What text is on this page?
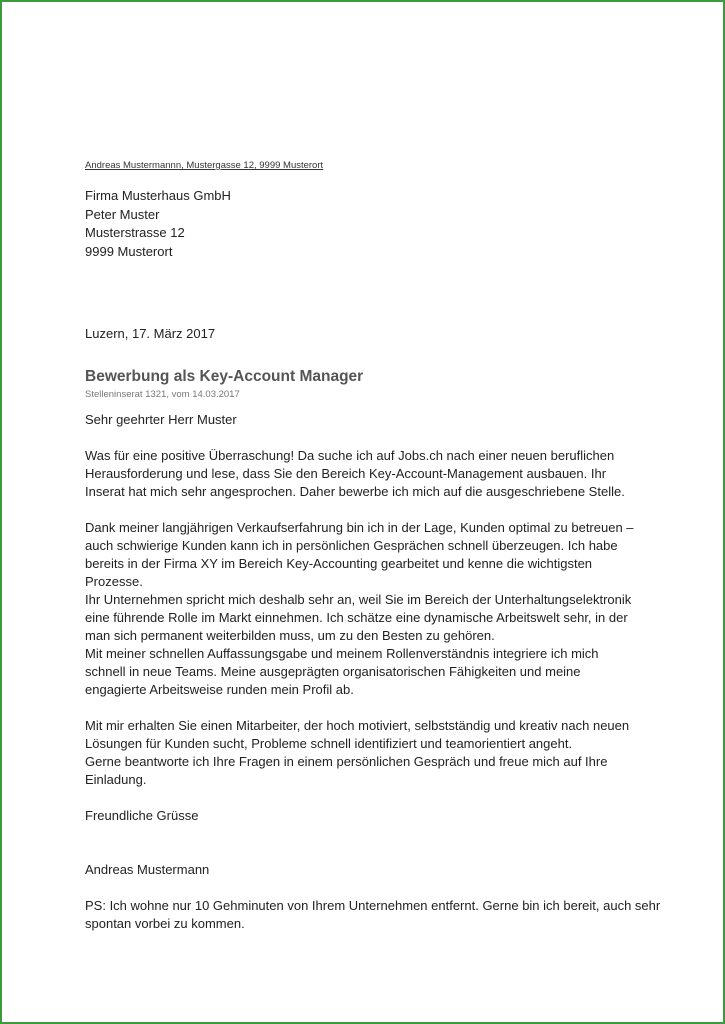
Andreas Mustermannn, Mustergasse 12, 9999 Musterort
Firma Musterhaus GmbH
Peter Muster
Musterstrasse 12
9999 Musterort
Luzern, 17. März 2017
Bewerbung als Key-Account Manager
Stelleninserat 1321, vom 14.03.2017

Sehr geehrter Herr Muster

Was für eine positive Überraschung! Da suche ich auf Jobs.ch nach einer neuen beruflichen
Herausforderung und lese, dass Sie den Bereich Key-Account-Management ausbauen. Ihr
Inserat hat mich sehr angesprochen. Daher bewerbe ich mich auf die ausgeschriebene Stelle.
Dank meiner langjährigen Verkaufserfahrung bin ich in der Lage, Kunden optimal zu betreuen –
auch schwierige Kunden kann ich in persönlichen Gesprächen schnell überzeugen. Ich habe
bereits in der Firma XY im Bereich Key-Accounting gearbeitet und kenne die wichtigsten
Prozesse.
Ihr Unternehmen spricht mich deshalb sehr an, weil Sie im Bereich der Unterhaltungselektronik
eine führende Rolle im Markt einnehmen. Ich schätze eine dynamische Arbeitswelt sehr, in der
man sich permanent weiterbilden muss, um zu den Besten zu gehören.
Mit meiner schnellen Auffassungsgabe und meinem Rollenverständnis integriere ich mich
schnell in neue Teams. Meine ausgeprägten organisatorischen Fähigkeiten und meine
engagierte Arbeitsweise runden mein Profil ab.
Mit mir erhalten Sie einen Mitarbeiter, der hoch motiviert, selbstständig und kreativ nach neuen
Lösungen für Kunden sucht, Probleme schnell identifiziert und teamorientiert angeht.
Gerne beantworte ich Ihre Fragen in einem persönlichen Gespräch und freue mich auf Ihre
Einladung.

Freundliche Grüsse

Andreas Mustermann

PS: Ich wohne nur 10 Gehminuten von Ihrem Unternehmen entfernt. Gerne bin ich bereit, auch sehr
spontan vorbei zu kommen.
